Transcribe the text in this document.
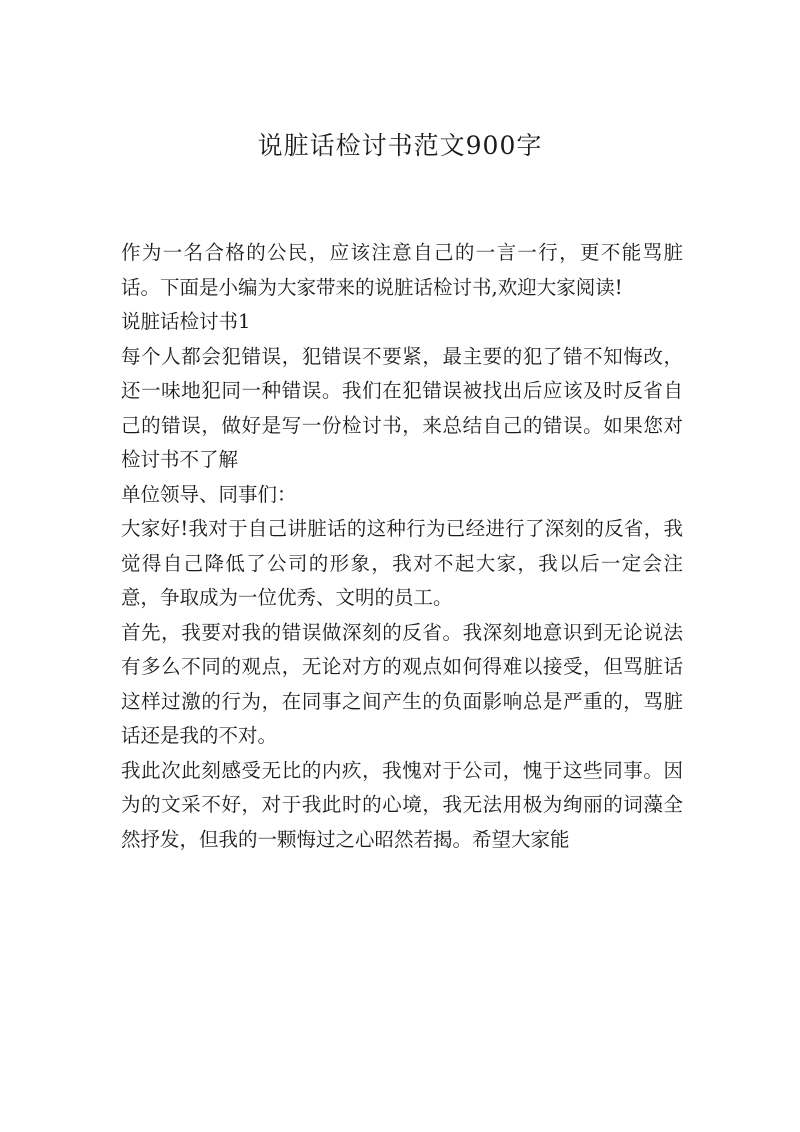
说脏话检讨书范文900字

作为一名合格的公民，应该注意自己的一言一行，更不能骂脏话。下面是小编为大家带来的说脏话检讨书,欢迎大家阅读!

说脏话检讨书1

每个人都会犯错误，犯错误不要紧，最主要的犯了错不知悔改，还一味地犯同一种错误。我们在犯错误被找出后应该及时反省自己的错误，做好是写一份检讨书，来总结自己的错误。如果您对检讨书不了解

单位领导、同事们：

大家好!我对于自己讲脏话的这种行为已经进行了深刻的反省，我觉得自己降低了公司的形象，我对不起大家，我以后一定会注意，争取成为一位优秀、文明的员工。

首先，我要对我的错误做深刻的反省。我深刻地意识到无论说法有多么不同的观点，无论对方的观点如何得难以接受，但骂脏话这样过激的行为，在同事之间产生的负面影响总是严重的，骂脏话还是我的不对。

我此次此刻感受无比的内疚，我愧对于公司，愧于这些同事。因为的文采不好，对于我此时的心境，我无法用极为绚丽的词藻全然抒发，但我的一颗悔过之心昭然若揭。希望大家能
